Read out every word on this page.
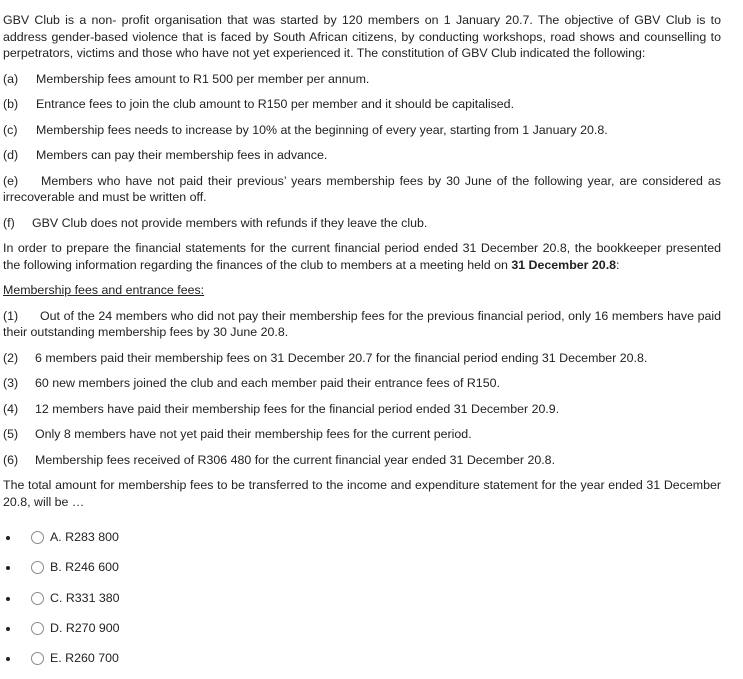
GBV Club is a non- profit organisation that was started by 120 members on 1 January 20.7. The objective of GBV Club is to address gender-based violence that is faced by South African citizens, by conducting workshops, road shows and counselling to perpetrators, victims and those who have not yet experienced it. The constitution of GBV Club indicated the following:

(a) Membership fees amount to R1 500 per member per annum.

(b) Entrance fees to join the club amount to R150 per member and it should be capitalised.

(c) Membership fees needs to increase by 10% at the beginning of every year, starting from 1 January 20.8.

(d) Members can pay their membership fees in advance.

(e) Members who have not paid their previous’ years membership fees by 30 June of the following year, are considered as irrecoverable and must be written off.

(f) GBV Club does not provide members with refunds if they leave the club.

In order to prepare the financial statements for the current financial period ended 31 December 20.8, the bookkeeper presented the following information regarding the finances of the club to members at a meeting held on 31 December 20.8:

Membership fees and entrance fees:

(1) Out of the 24 members who did not pay their membership fees for the previous financial period, only 16 members have paid their outstanding membership fees by 30 June 20.8.

(2) 6 members paid their membership fees on 31 December 20.7 for the financial period ending 31 December 20.8.

(3) 60 new members joined the club and each member paid their entrance fees of R150.

(4) 12 members have paid their membership fees for the financial period ended 31 December 20.9.

(5) Only 8 members have not yet paid their membership fees for the current period.

(6) Membership fees received of R306 480 for the current financial year ended 31 December 20.8.

The total amount for membership fees to be transferred to the income and expenditure statement for the year ended 31 December 20.8, will be …

A. R283 800
B. R246 600
C. R331 380
D. R270 900
E. R260 700
